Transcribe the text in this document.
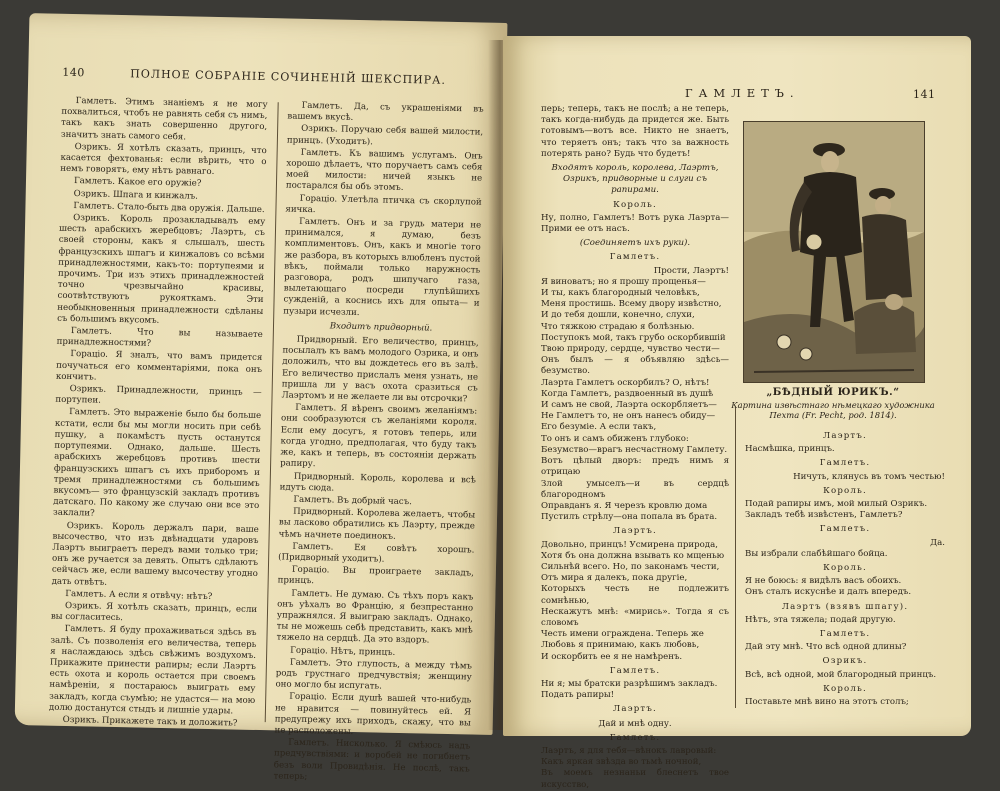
140	ПОЛНОЕ СОБРАНІЕ СОЧИНЕНІЙ ШЕКСПИРА.

Гамлетъ. Этимъ знаніемъ я не могу похвалиться, чтобъ не равнять себя съ нимъ, такъ какъ знать совершенно другого, значитъ знать самого себя.

Озрикъ. Я хотѣлъ сказать, принцъ, что касается фехтованья: если вѣрить, что о немъ говорятъ, ему нѣтъ равнаго.

Гамлетъ. Какое его оружіе?

Озрикъ. Шпага и кинжалъ.

Гамлетъ. Стало-быть два оружія. Дальше.

Озрикъ. Король прозакладывалъ ему шесть арабскихъ жеребцовъ; Лаэртъ, съ своей стороны, какъ я слышалъ, шесть французскихъ шпагъ и кинжаловъ со всѣми принадлежностями, какъ-то: портупеями и прочимъ. Три изъ этихъ принадлежностей точно чрезвычайно красивы, соотвѣтствуютъ рукояткамъ. Эти необыкновенныя принадлежности сдѣланы съ большимъ вкусомъ.

Гамлетъ. Что вы называете принадлежностями?

Горацio. Я зналъ, что вамъ придется почучаться его комментаріями, пока онъ кончитъ.

Озрикъ. Принадлежности, принцъ — портупеи.

Гамлетъ. Это выраженіе было бы больше кстати, если бы мы могли носить при себѣ пушку, а покамѣстъ пусть останутся портупеями. Однако, дальше. Шесть арабскихъ жеребцовъ противъ шести французскихъ шпагъ съ ихъ приборомъ и тремя принадлежностями съ большимъ вкусомъ— это французскій закладъ противъ датскаго. По какому же случаю они все это заклали?

Озрикъ. Король держалъ пари, ваше высочество, что изъ двѣнадцати ударовъ Лаэртъ выиграетъ передъ вами только три; онъ же ручается за девять. Опытъ сдѣлаютъ сейчасъ же, если вашему высочеству угодно дать отвѣтъ.

Гамлетъ. А если я отвѣчу: нѣтъ?

Озрикъ. Я хотѣлъ сказать, принцъ, если вы согласитесь.

Гамлетъ. Я буду прохаживаться здѣсь въ залѣ. Съ позволенія его величества, теперь я наслаждаюсь здѣсь свѣжимъ воздухомъ. Прикажите принести рапиры; если Лаэртъ есть охота и король остается при своемъ намѣреніи, я постараюсь выиграть ему закладъ, когда съумѣю; не удастся— на мою долю достанутся стыдъ и лишніе удары.

Озрикъ. Прикажете такъ и доложить?

Гамлетъ. Да, съ украшеніями въ вашемъ вкусѣ.

Озрикъ. Поручаю себя вашей милости, принцъ. (Уходитъ).

Гамлетъ. Къ вашимъ услугамъ. Онъ хорошо дѣлаетъ, что поручаетъ самъ себя моей милости: ничей языкъ не постарался бы объ этомъ.

Горацio. Улетѣла птичка съ скорлупой яичка.

Гамлетъ. Онъ и за грудь матери не принимался, я думаю, безъ комплиментовъ. Онъ, какъ и многіе того же разбора, въ которыхъ влюбленъ пустой вѣкъ, поймали только наружность разговора, родъ шипучаго газа, вылетающаго посреди глупѣйшихъ сужденій, а коснись ихъ для опыта— и пузыри исчезли.

Входитъ придворный.

Придворный. Его величество, принцъ, посылалъ къ вамъ молодого Озрика, и онъ доложилъ, что вы дождетесь его въ залѣ. Его величество прислалъ меня узнать, не пришла ли у васъ охота сразиться съ Лаэртомъ и не желаете ли вы отсрочки?

Гамлетъ. Я вѣренъ своимъ желаніямъ: они сообразуются съ желаніями короля. Если ему досугъ, я готовъ теперь, или когда угодно, предполагая, что буду такъ же, какъ и теперь, въ состояніи держать рапиру.

Придворный. Король, королева и всѣ идутъ сюда.

Гамлетъ. Въ добрый часъ.

Придворный. Королева желаетъ, чтобы вы ласково обратились къ Лаэрту, прежде чѣмъ начнете поединокъ.

Гамлетъ. Ея совѣтъ хорошъ. (Придворный уходитъ).

Горацio. Вы проиграете закладъ, принцъ.

Гамлетъ. Не думаю. Съ тѣхъ поръ какъ онъ уѣхалъ во Францію, я безпрестанно упражнялся. Я выиграю закладъ. Однако, ты не можешь себѣ представить, какъ мнѣ тяжело на сердцѣ. Да это вздоръ.

Горацio. Нѣтъ, принцъ.

Гамлетъ. Это глупость, а между тѣмъ родъ грустнаго предчувствія; женщину оно могло бы испугать.

Горацio. Если душѣ вашей что-нибудь не нравится — повинуйтесь ей. Я предупрежу ихъ приходъ, скажу, что вы не расположены.

Гамлетъ. Нисколько. Я смѣюсь надъ предчувствіями: и воробей не погибнетъ безъ воли Провидѣнія. Не послѣ, такъ теперь;

ГАМЛЕТЪ.	141

перь; теперь, такъ не послѣ; а не теперь, такъ когда-нибудь да придется же. Быть готовымъ—вотъ все. Никто не знаетъ, что теряетъ онъ; такъ что за важность потерять рано? Будь что будетъ!

Входятъ король, королева, Лаэртъ, Озрикъ, придворные и слуги съ рапирами.

Король.

Ну, полно, Гамлетъ! Вотъ рука Лаэрта— Прими ее отъ насъ.

(Соединяетъ ихъ руки).

Гамлетъ.

Прости, Лаэртъ!

Я виноватъ; но я прошу прощенья—

И ты, какъ благородный человѣкъ,

Меня простишь. Всему двору извѣстно,

И до тебя дошли, конечно, слухи,

Что тяжкою страдаю я болѣзнью.

Поступокъ мой, такъ грубо оскорбившій

Твою природу, сердце, чувство чести—

Онъ былъ — я объявляю здѣсь—безумство.

Лаэрта Гамлетъ оскорбилъ? О, нѣтъ!

Когда Гамлетъ, раздвоенный въ душѣ

И самъ не свой, Лаэрта оскорбляетъ—

Не Гамлетъ то, не онъ нанесъ обиду—

Его безуміе. А если такъ,

То онъ и самъ обиженъ глубоко:

Безумство—врагъ несчастному Гамлету.

Вотъ цѣлый дворъ: предъ нимъ я отрицаю

Злой умыселъ—и въ сердцѣ благородномъ

Оправданъ я. Я черезъ кровлю дома

Пустилъ стрѣлу—она попала въ брата.

Лаэртъ.

Довольно, принцъ! Усмирена природа,

Хотя бъ она должна взывать ко мщенью

Сильнѣй всего. Но, по законамъ чести,

Отъ мира я далекъ, пока другіе,

Которыхъ честь не подлежитъ сомнѣнью,

Нескажутъ мнѣ: «мирись». Тогда я съ словомъ

Честь имени ограждена. Теперь же

Любовь я принимаю, какъ любовь,

И оскорбить ее я не намѣренъ.

Гамлетъ.

Ни я; мы братски разрѣшимъ закладъ.

Подать рапиры!

Лаэртъ.

Дай и мнѣ одну.

Гамлетъ.

Лаэртъ, я для тебя—вѣнокъ лавровый:

Какъ яркая звѣзда во тьмѣ ночной,

Въ моемъ незнаньи блеснетъ твое искусство,

„БѢДНЫЙ ЮРИКЪ.“
Картина извѣстнаго нѣмецкаго художника Пехта (Fr. Pecht, род. 1814).

Лаэртъ.

Насмѣшка, принцъ.

Гамлетъ.

Ничуть, клянусь въ томъ честью!

Король.

Подай рапиры имъ, мой милый Озрикъ.

Закладъ тебѣ извѣстенъ, Гамлетъ?

Гамлетъ.

Да.

Вы избрали слабѣйшаго бойца.

Король.

Я не боюсь: я видѣлъ васъ обоихъ.

Онъ сталъ искуснѣе и далъ впередъ.

Лаэртъ (взявъ шпагу).

Нѣтъ, эта тяжела; подай другую.

Гамлетъ.

Дай эту мнѣ. Что всѣ одной длины?

Озрикъ.

Всѣ, всѣ одной, мой благородный принцъ.

Король.

Поставьте мнѣ вино на этотъ столъ;
